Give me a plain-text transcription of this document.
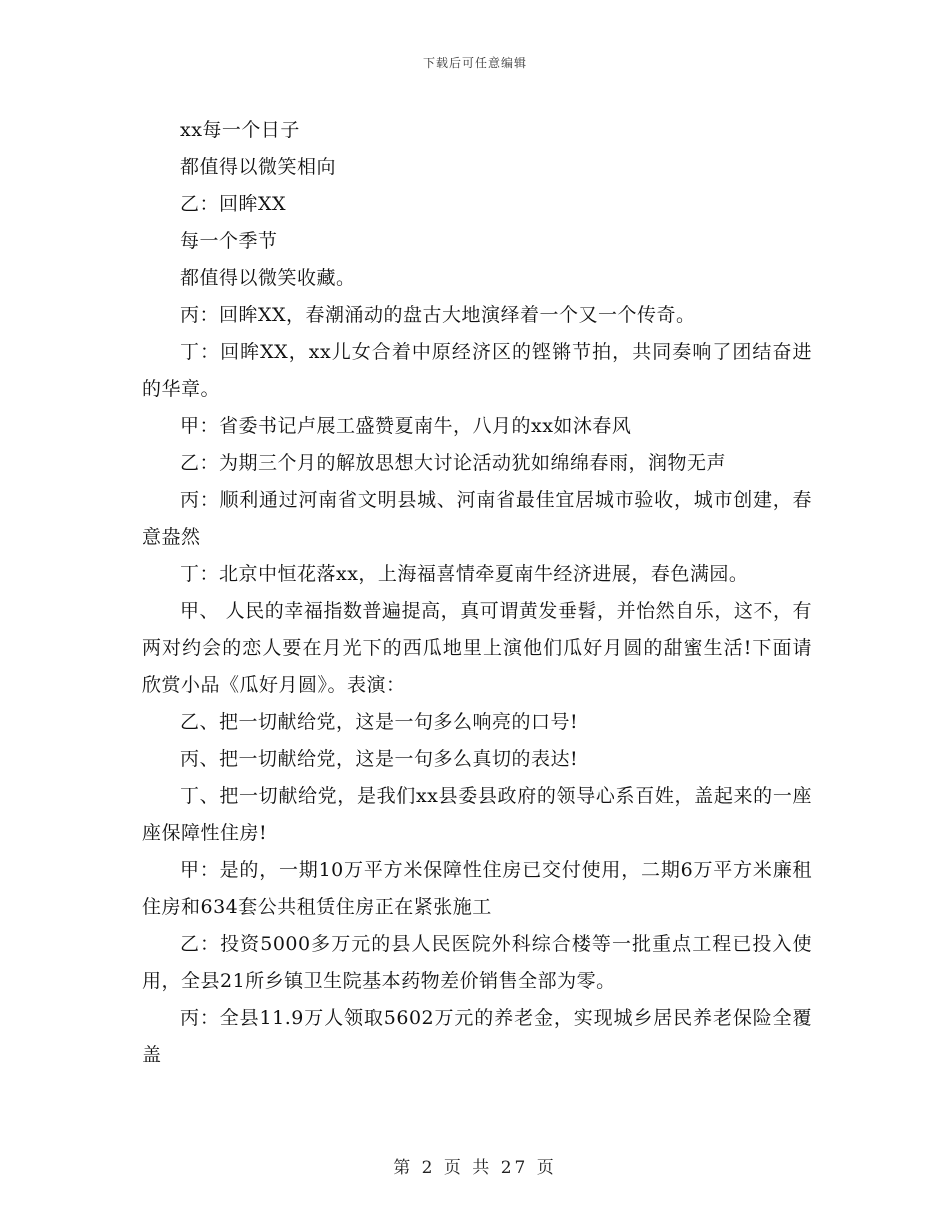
下载后可任意编辑

xx每一个日子

都值得以微笑相向

乙：回眸XX

每一个季节

都值得以微笑收藏。

丙：回眸XX，春潮涌动的盘古大地演绎着一个又一个传奇。

丁：回眸XX，xx儿女合着中原经济区的铿锵节拍，共同奏响了团结奋进的华章。

甲：省委书记卢展工盛赞夏南牛，八月的xx如沐春风

乙：为期三个月的解放思想大讨论活动犹如绵绵春雨，润物无声

丙：顺利通过河南省文明县城、河南省最佳宜居城市验收，城市创建，春意盎然

丁：北京中恒花落xx，上海福喜情牵夏南牛经济进展，春色满园。

甲、 人民的幸福指数普遍提高，真可谓黄发垂髫，并怡然自乐，这不，有两对约会的恋人要在月光下的西瓜地里上演他们瓜好月圆的甜蜜生活!下面请欣赏小品《瓜好月圆》。表演：

乙、把一切献给党，这是一句多么响亮的口号!

丙、把一切献给党，这是一句多么真切的表达!

丁、把一切献给党，是我们xx县委县政府的领导心系百姓，盖起来的一座座保障性住房!

甲：是的，一期10万平方米保障性住房已交付使用，二期6万平方米廉租住房和634套公共租赁住房正在紧张施工

乙：投资5000多万元的县人民医院外科综合楼等一批重点工程已投入使用，全县21所乡镇卫生院基本药物差价销售全部为零。

丙：全县11.9万人领取5602万元的养老金，实现城乡居民养老保险全覆盖

第 2 页 共 27 页
